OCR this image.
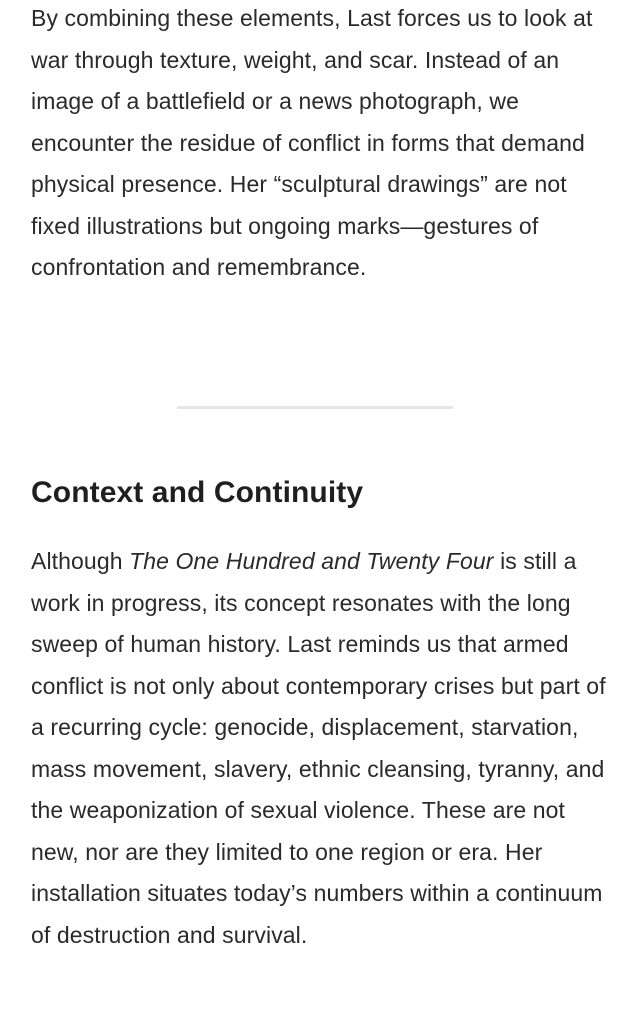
By combining these elements, Last forces us to look at war through texture, weight, and scar. Instead of an image of a battlefield or a news photograph, we encounter the residue of conflict in forms that demand physical presence. Her “sculptural drawings” are not fixed illustrations but ongoing marks—gestures of confrontation and remembrance.

Context and Continuity

Although The One Hundred and Twenty Four is still a work in progress, its concept resonates with the long sweep of human history. Last reminds us that armed conflict is not only about contemporary crises but part of a recurring cycle: genocide, displacement, starvation, mass movement, slavery, ethnic cleansing, tyranny, and the weaponization of sexual violence. These are not new, nor are they limited to one region or era. Her installation situates today’s numbers within a continuum of destruction and survival.
